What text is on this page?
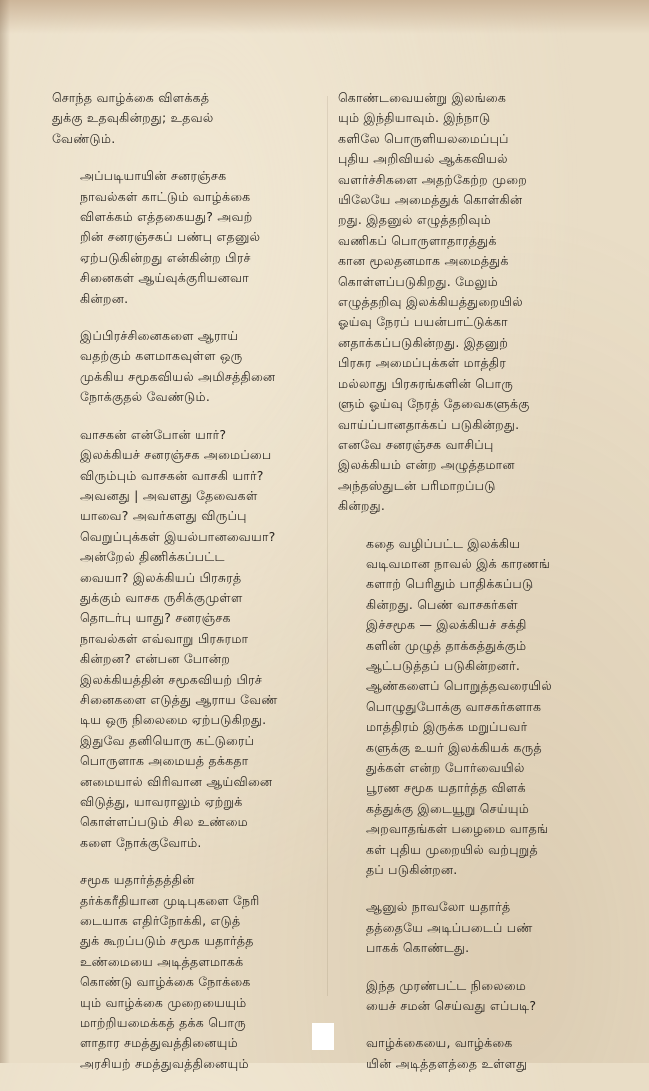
சொந்த வாழ்க்கை விளக்கத்
துக்கு உதவுகின்றது; உதவல்
வேண்டும்.
அப்படியாயின் சனரஞ்சக
நாவல்கள் காட்டும் வாழ்க்கை
விளக்கம் எத்தகையது? அவற்
றின் சனரஞ்சகப் பண்பு எதனுல்
ஏற்படுகின்றது என்கின்ற பிரச்
சினைகள் ஆய்வுக்குரியனவா
கின்றன.
இப்பிரச்சினைகளை ஆராய்
வதற்கும் களமாகவுள்ள ஒரு
முக்கிய சமூகவியல் அமிசத்தினை
நோக்குதல் வேண்டும்.
வாசகன் என்போன் யார்?
இலக்கியச் சனரஞ்சக அமைப்பை
விரும்பும் வாசகன் வாசகி யார்?
அவனது | அவளது தேவைகள்
யாவை? அவர்களது விருப்பு
வெறுப்புக்கள் இயல்பானவையா?
அன்றேல் திணிக்கப்பட்ட
வையா? இலக்கியப் பிரசுரத்
துக்கும் வாசக ருசிக்குமுள்ள
தொடர்பு யாது? சனரஞ்சக
நாவல்கள் எவ்வாறு பிரசுரமா
கின்றன? என்பன போன்ற
இலக்கியத்தின் சமூகவியற் பிரச்
சினைகளை எடுத்து ஆராய வேண்
டிய ஒரு நிலைமை ஏற்படுகிறது.
இதுவே தனியொரு கட்டுரைப்
பொருளாக அமையத் தக்கதா
னமையால் விரிவான ஆய்வினை
விடுத்து, யாவராலும் ஏற்றுக்
கொள்ளப்படும் சில உண்மை
களை நோக்குவோம்.
சமூக யதார்த்தத்தின்
தர்க்கரீதியான முடிபுகளை நேரி
டையாக எதிர்நோக்கி, எடுத்
துக் கூறப்படும் சமூக யதார்த்த
உண்மையை அடித்தளமாகக்
கொண்டு வாழ்க்கை நோக்கை
யும் வாழ்க்கை முறையையும்
மாற்றியமைக்கத் தக்க பொரு
ளாதார சமத்துவத்தினையும்
அரசியற் சமத்துவத்தினையும்
கொண்டவையன்று இலங்கை
யும் இந்தியாவும். இந்நாடு
களிலே பொருளியலமைப்புப்
புதிய அறிவியல் ஆக்கவியல்
வளர்ச்சிகளை அதற்கேற்ற முறை
யிலேயே அமைத்துக் கொள்கின்
றது. இதனுல் எழுத்தறிவும்
வணிகப் பொருளாதாரத்துக்
கான மூலதனமாக அமைத்துக்
கொள்ளப்படுகிறது. மேலும்
எழுத்தறிவு இலக்கியத்துறையில்
ஓய்வு நேரப் பயன்பாட்டுக்கா
னதாக்கப்படுகின்றது. இதனுற்
பிரசுர அமைப்புக்கள் மாத்திர
மல்லாது பிரசுரங்களின் பொரு
ளும் ஓய்வு நேரத் தேவைகளுக்கு
வாய்ப்பானதாக்கப் படுகின்றது.
எனவே சனரஞ்சக வாசிப்பு
இலக்கியம் என்ற அழுத்தமான
அந்தஸ்துடன் பரிமாறப்படு
கின்றது.
கதை வழிப்பட்ட இலக்கிய
வடிவமான நாவல் இக் காரணங்
களாற் பெரிதும் பாதிக்கப்படு
கின்றது. பெண் வாசகர்கள்
இச்சமூக — இலக்கியச் சக்தி
களின் முழுத் தாக்கத்துக்கும்
ஆட்படுத்தப் படுகின்றனர்.
ஆண்களைப் பொறுத்தவரையில்
பொழுதுபோக்கு வாசகர்களாக
மாத்திரம் இருக்க மறுப்பவர்
களுக்கு உயர் இலக்கியக் கருத்
துக்கள் என்ற போர்வையில்
பூரண சமூக யதார்த்த விளக்
கத்துக்கு இடையூறு செய்யும்
அறவாதங்கள் பழைமை வாதங்
கள் புதிய முறையில் வற்புறுத்
தப் படுகின்றன.
ஆனுல் நாவலோ யதார்த்
தத்தையே அடிப்படைப் பண்
பாகக் கொண்டது.
இந்த முரண்பட்ட நிலைமை
யைச் சமன் செய்வது எப்படி?
வாழ்க்கையை, வாழ்க்கை
யின் அடித்தளத்தை உள்ளது
